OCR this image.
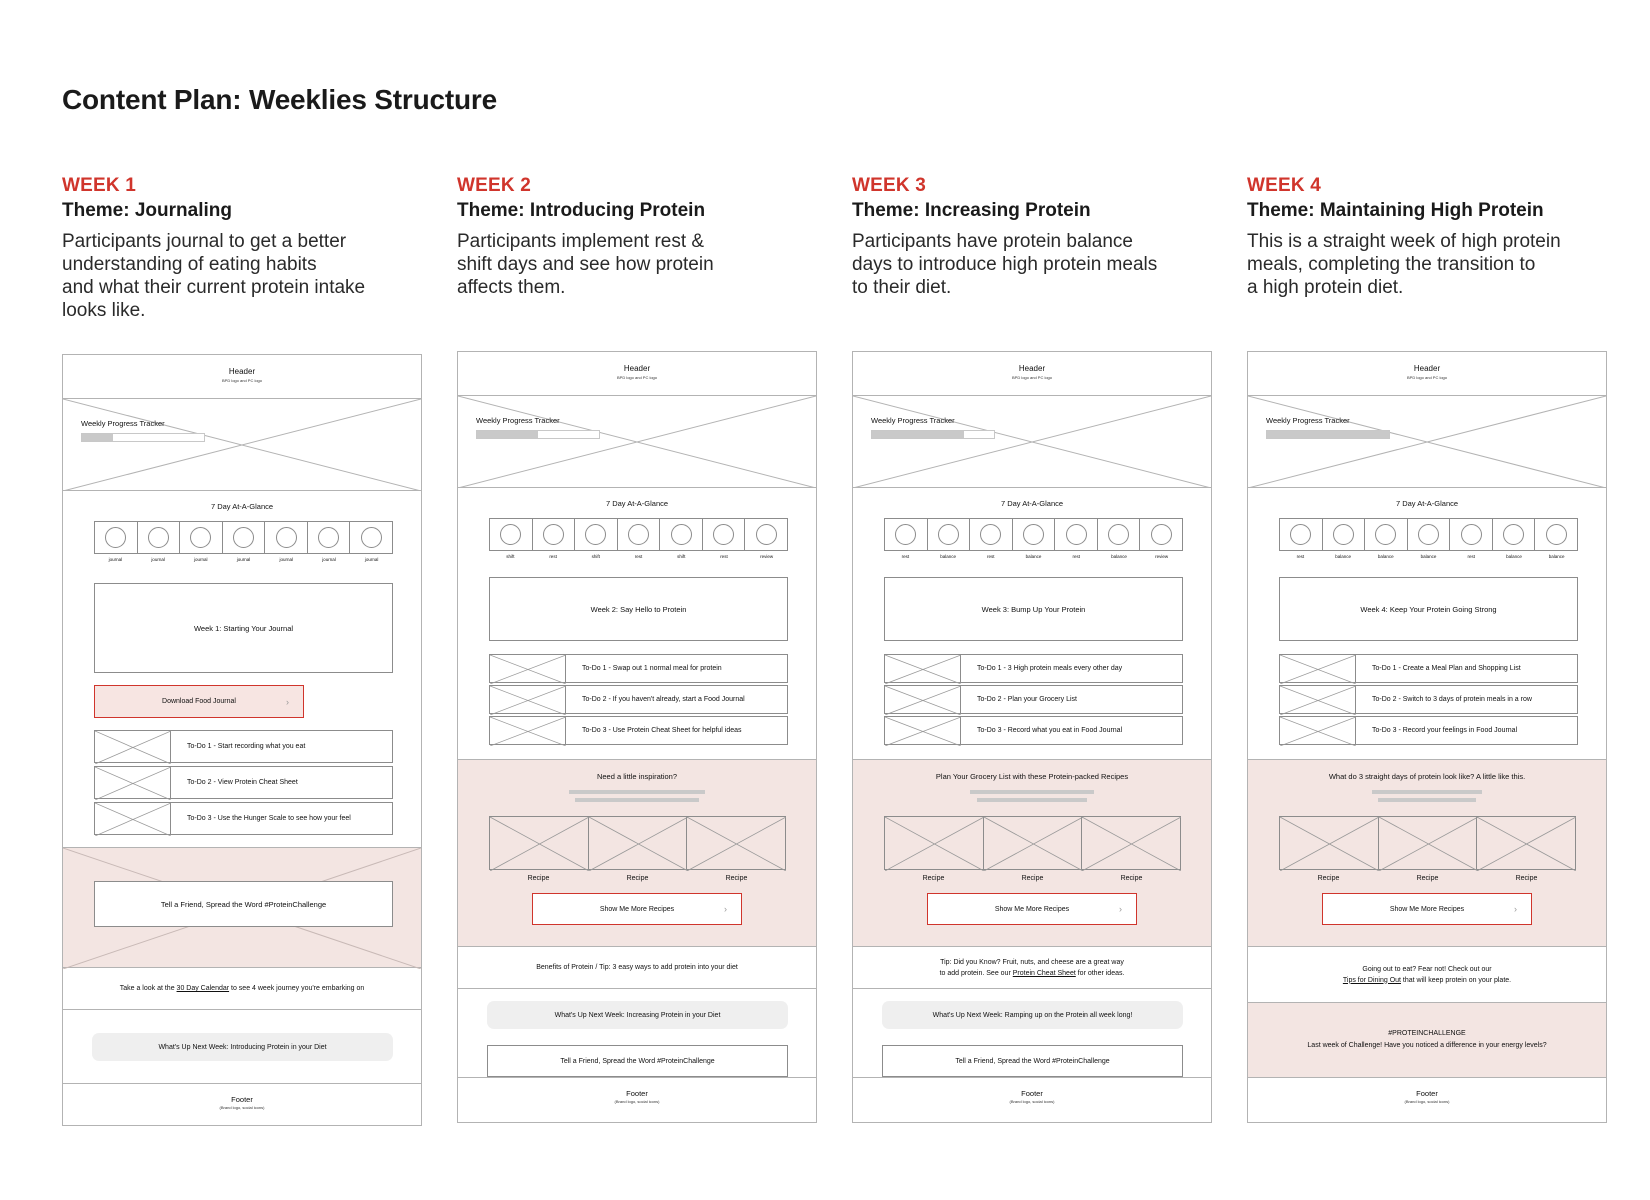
Content Plan: Weeklies Structure
WEEK 1
Theme: Journaling
Participants journal to get a better
understanding of eating habits
and what their current protein intake
looks like.
Header
BPD logo and PC logo
Weekly Progress Tracker
7 Day At-A-Glance
journal	journal	journal	journal	journal	journal	journal
Week 1: Starting Your Journal
Download Food Journal	›
To-Do 1 - Start recording what you eat
To-Do 2 - View Protein Cheat Sheet
To-Do 3 - Use the Hunger Scale to see how your feel
Tell a Friend, Spread the Word #ProteinChallenge
Take a look at the 30 Day Calendar to see 4 week journey you're embarking on
What's Up Next Week: Introducing Protein in your Diet
Footer
(Brand logo, social icons)
WEEK 2
Theme: Introducing Protein
Participants implement rest &
shift days and see how protein
affects them.
Header
BPD logo and PC logo
Weekly Progress Tracker
7 Day At-A-Glance
shift	rest	shift	rest	shift	rest	review
Week 2: Say Hello to Protein
To-Do 1 - Swap out 1 normal meal for protein
To-Do 2 - If you haven't already, start a Food Journal
To-Do 3 - Use Protein Cheat Sheet for helpful ideas
Need a little inspiration?
Recipe	Recipe	Recipe
Show Me More Recipes	›
Benefits of Protein / Tip: 3 easy ways to add protein into your diet
What's Up Next Week: Increasing Protein in your Diet
Tell a Friend, Spread the Word #ProteinChallenge
Footer
(Brand logo, social icons)
WEEK 3
Theme: Increasing Protein
Participants have protein balance
days to introduce high protein meals
to their diet.
Header
BPD logo and PC logo
Weekly Progress Tracker
7 Day At-A-Glance
rest	balance	rest	balance	rest	balance	review
Week 3: Bump Up Your Protein
To-Do 1 - 3 High protein meals every other day
To-Do 2 - Plan your Grocery List
To-Do 3 - Record what you eat in Food Journal
Plan Your Grocery List with these Protein-packed Recipes
Recipe	Recipe	Recipe
Show Me More Recipes	›
Tip: Did you Know? Fruit, nuts, and cheese are a great way
to add protein. See our Protein Cheat Sheet for other ideas.
What's Up Next Week: Ramping up on the Protein all week long!
Tell a Friend, Spread the Word #ProteinChallenge
Footer
(Brand logo, social icons)
WEEK 4
Theme: Maintaining High Protein
This is a straight week of high protein
meals, completing the transition to
a high protein diet.
Header
BPD logo and PC logo
Weekly Progress Tracker
7 Day At-A-Glance
rest	balance	balance	balance	rest	balance	balance
Week 4: Keep Your Protein Going Strong
To-Do 1 - Create a Meal Plan and Shopping List
To-Do 2 - Switch to 3 days of protein meals in a row
To-Do 3 - Record your feelings in Food Journal
What do 3 straight days of protein look like? A little like this.
Recipe	Recipe	Recipe
Show Me More Recipes	›
Going out to eat? Fear not! Check out our
Tips for Dining Out that will keep protein on your plate.
#PROTEINCHALLENGE
Last week of Challenge! Have you noticed a difference in your energy levels?
Footer
(Brand logo, social icons)
